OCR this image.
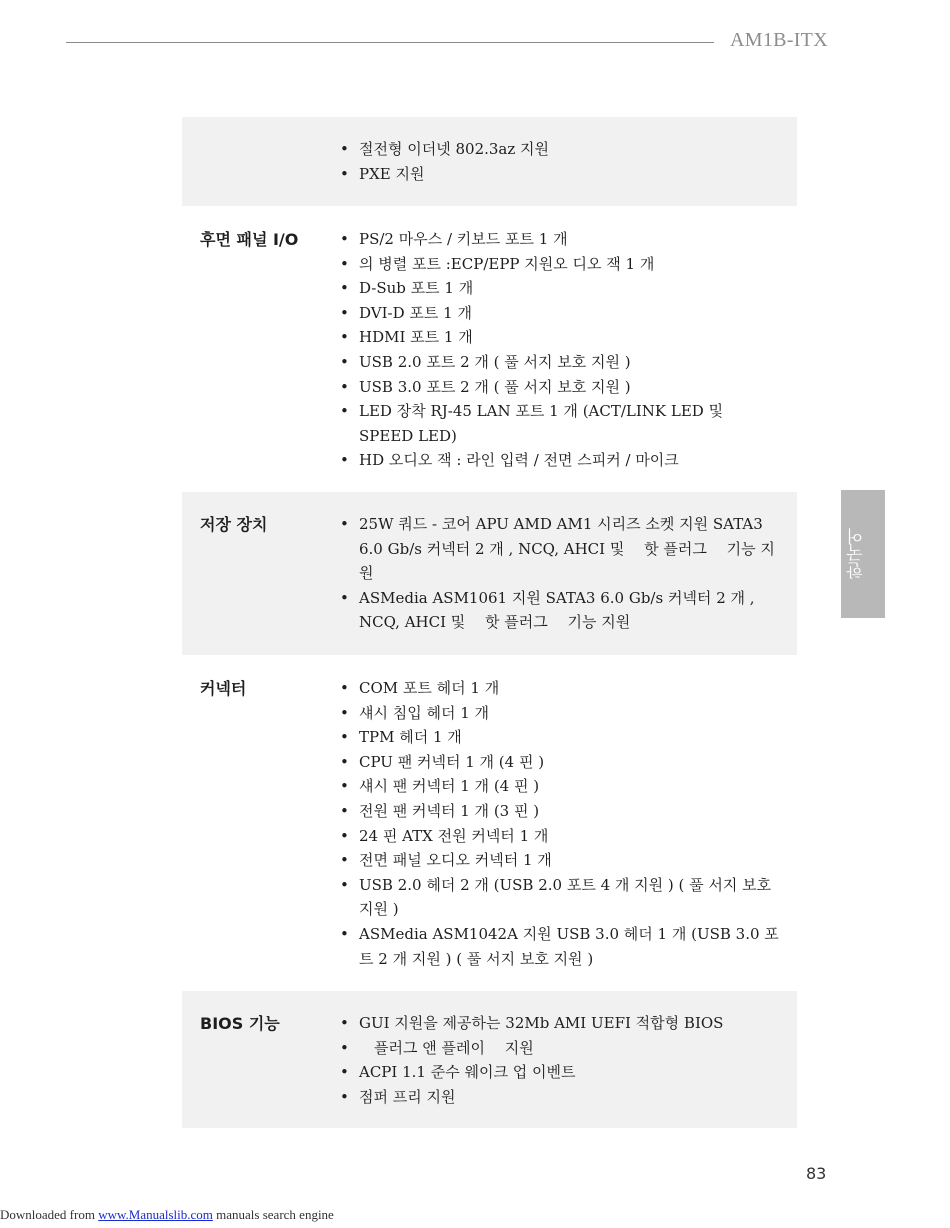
AM1B-ITX
한국어
• 절전형 이더넷 802.3az 지원
• PXE 지원
후면 패널 I/O	• PS/2 마우스 / 키보드 포트 1 개
• 의 병렬 포트 :ECP/EPP 지원오 디오 잭 1 개
• D-Sub 포트 1 개
• DVI-D 포트 1 개
• HDMI 포트 1 개
• USB 2.0 포트 2 개 ( 풀 서지 보호 지원 )
• USB 3.0 포트 2 개 ( 풀 서지 보호 지원 )
• LED 장착 RJ-45 LAN 포트 1 개 (ACT/LINK LED 및 SPEED LED)
• HD 오디오 잭 : 라인 입력 / 전면 스피커 / 마이크
저장 장치	• 25W 쿼드 - 코어 APU AMD AM1 시리즈 소켓 지원 SATA3 6.0 Gb/s 커넥터 2 개 , NCQ, AHCI 및 　핫 플러그 　기능 지원
• ASMedia ASM1061 지원 SATA3 6.0 Gb/s 커넥터 2 개 , NCQ, AHCI 및 　핫 플러그 　기능 지원
커넥터	• COM 포트 헤더 1 개
• 섀시 침입 헤더 1 개
• TPM 헤더 1 개
• CPU 팬 커넥터 1 개 (4 핀 )
• 섀시 팬 커넥터 1 개 (4 핀 )
• 전원 팬 커넥터 1 개 (3 핀 )
• 24 핀 ATX 전원 커넥터 1 개
• 전면 패널 오디오 커넥터 1 개
• USB 2.0 헤더 2 개 (USB 2.0 포트 4 개 지원 ) ( 풀 서지 보호 지원 )
• ASMedia ASM1042A 지원 USB 3.0 헤더 1 개 (USB 3.0 포트 2 개 지원 ) ( 풀 서지 보호 지원 )
BIOS 기능	• GUI 지원을 제공하는 32Mb AMI UEFI 적합형 BIOS
• 　플러그 앤 플레이 　지원
• ACPI 1.1 준수 웨이크 업 이벤트
• 점퍼 프리 지원
83
Downloaded from www.Manualslib.com manuals search engine
